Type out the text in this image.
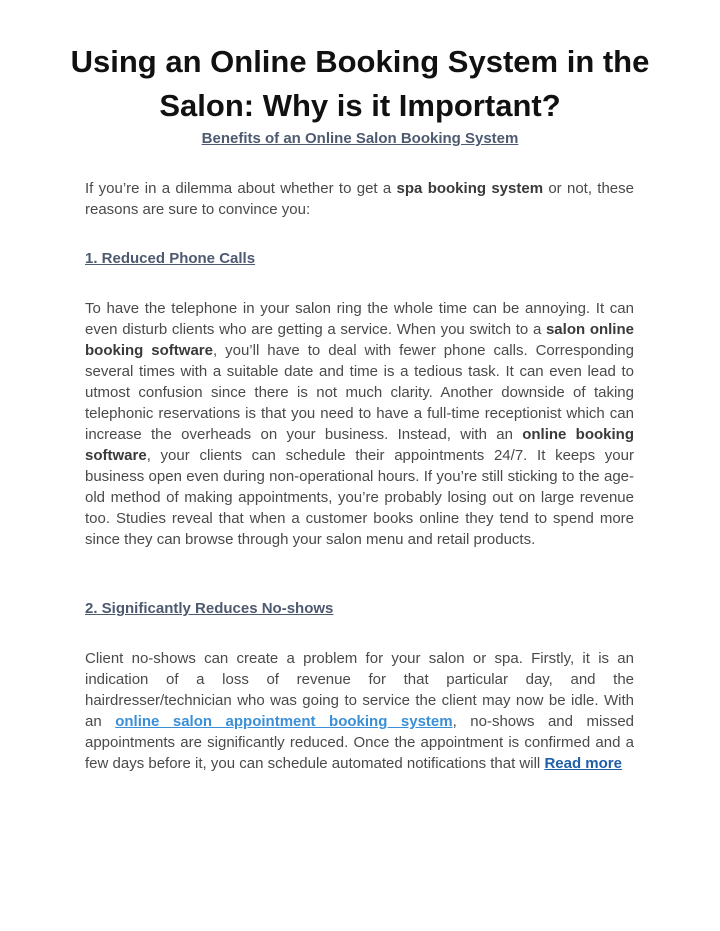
Using an Online Booking System in the Salon: Why is it Important?

Benefits of an Online Salon Booking System

If you’re in a dilemma about whether to get a spa booking system or not, these reasons are sure to convince you:

1. Reduced Phone Calls

To have the telephone in your salon ring the whole time can be annoying. It can even disturb clients who are getting a service. When you switch to a salon online booking software, you’ll have to deal with fewer phone calls. Corresponding several times with a suitable date and time is a tedious task. It can even lead to utmost confusion since there is not much clarity. Another downside of taking telephonic reservations is that you need to have a full-time receptionist which can increase the overheads on your business. Instead, with an online booking software, your clients can schedule their appointments 24/7. It keeps your business open even during non-operational hours. If you’re still sticking to the age-old method of making appointments, you’re probably losing out on large revenue too. Studies reveal that when a customer books online they tend to spend more since they can browse through your salon menu and retail products.

2. Significantly Reduces No-shows

Client no-shows can create a problem for your salon or spa. Firstly, it is an indication of a loss of revenue for that particular day, and the hairdresser/technician who was going to service the client may now be idle. With an online salon appointment booking system, no-shows and missed appointments are significantly reduced. Once the appointment is confirmed and a few days before it, you can schedule automated notifications that will Read more
